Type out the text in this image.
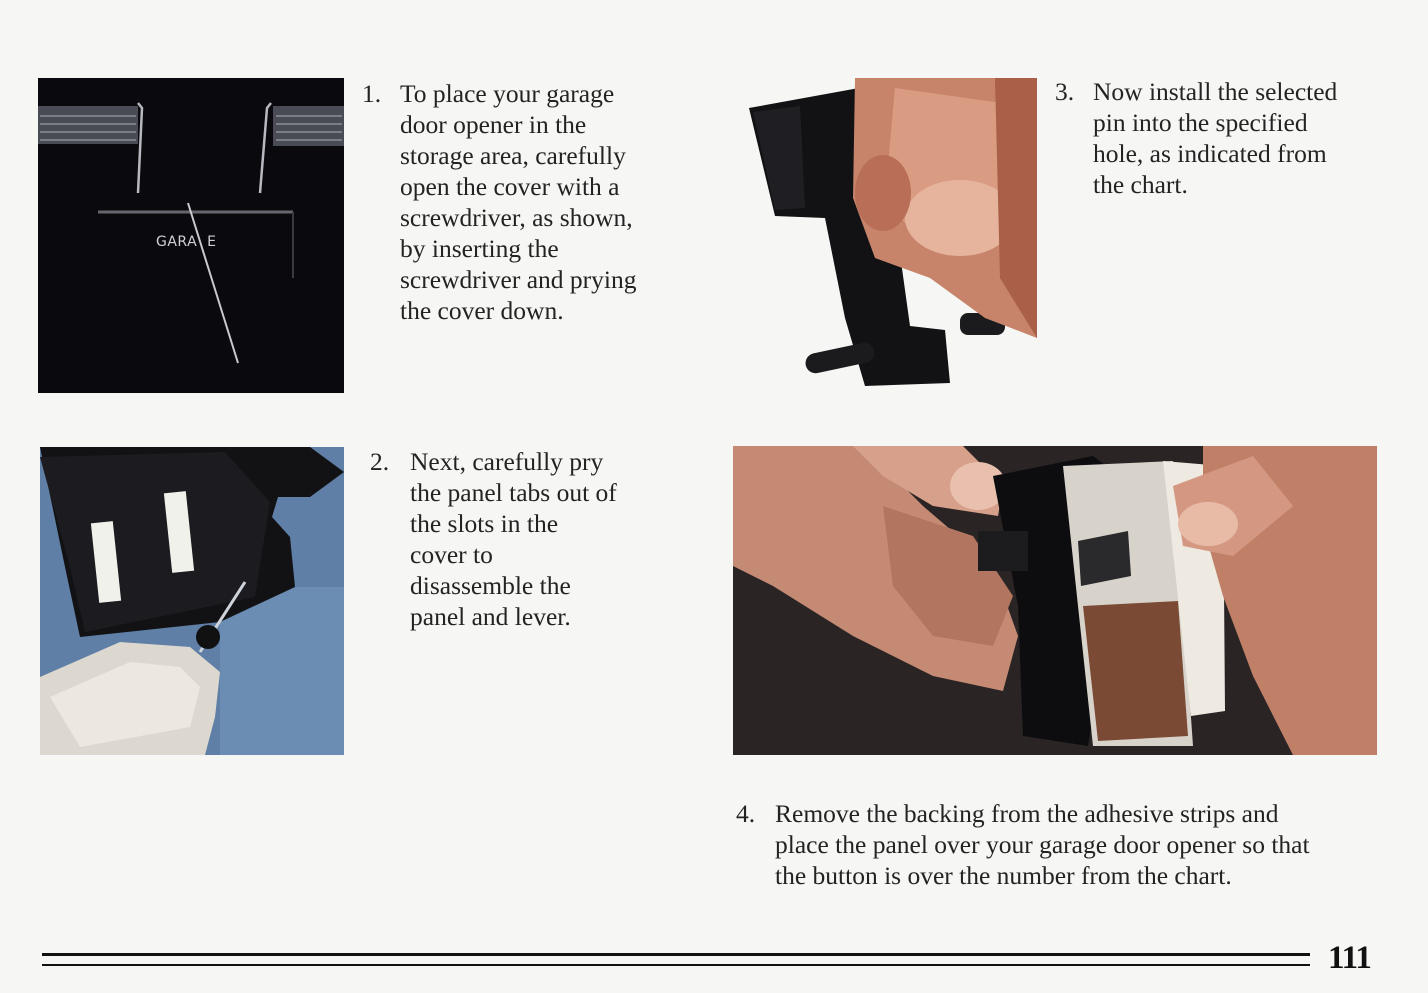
GARA  E
1. To place your garage
door opener in the
storage area, carefully
open the cover with a
screwdriver, as shown,
by inserting the
screwdriver and prying
the cover down.
3. Now install the selected
pin into the specified
hole, as indicated from
the chart.
2. Next, carefully pry
the panel tabs out of
the slots in the
cover to
disassemble the
panel and lever.
4. Remove the backing from the adhesive strips and
place the panel over your garage door opener so that
the button is over the number from the chart.
111
